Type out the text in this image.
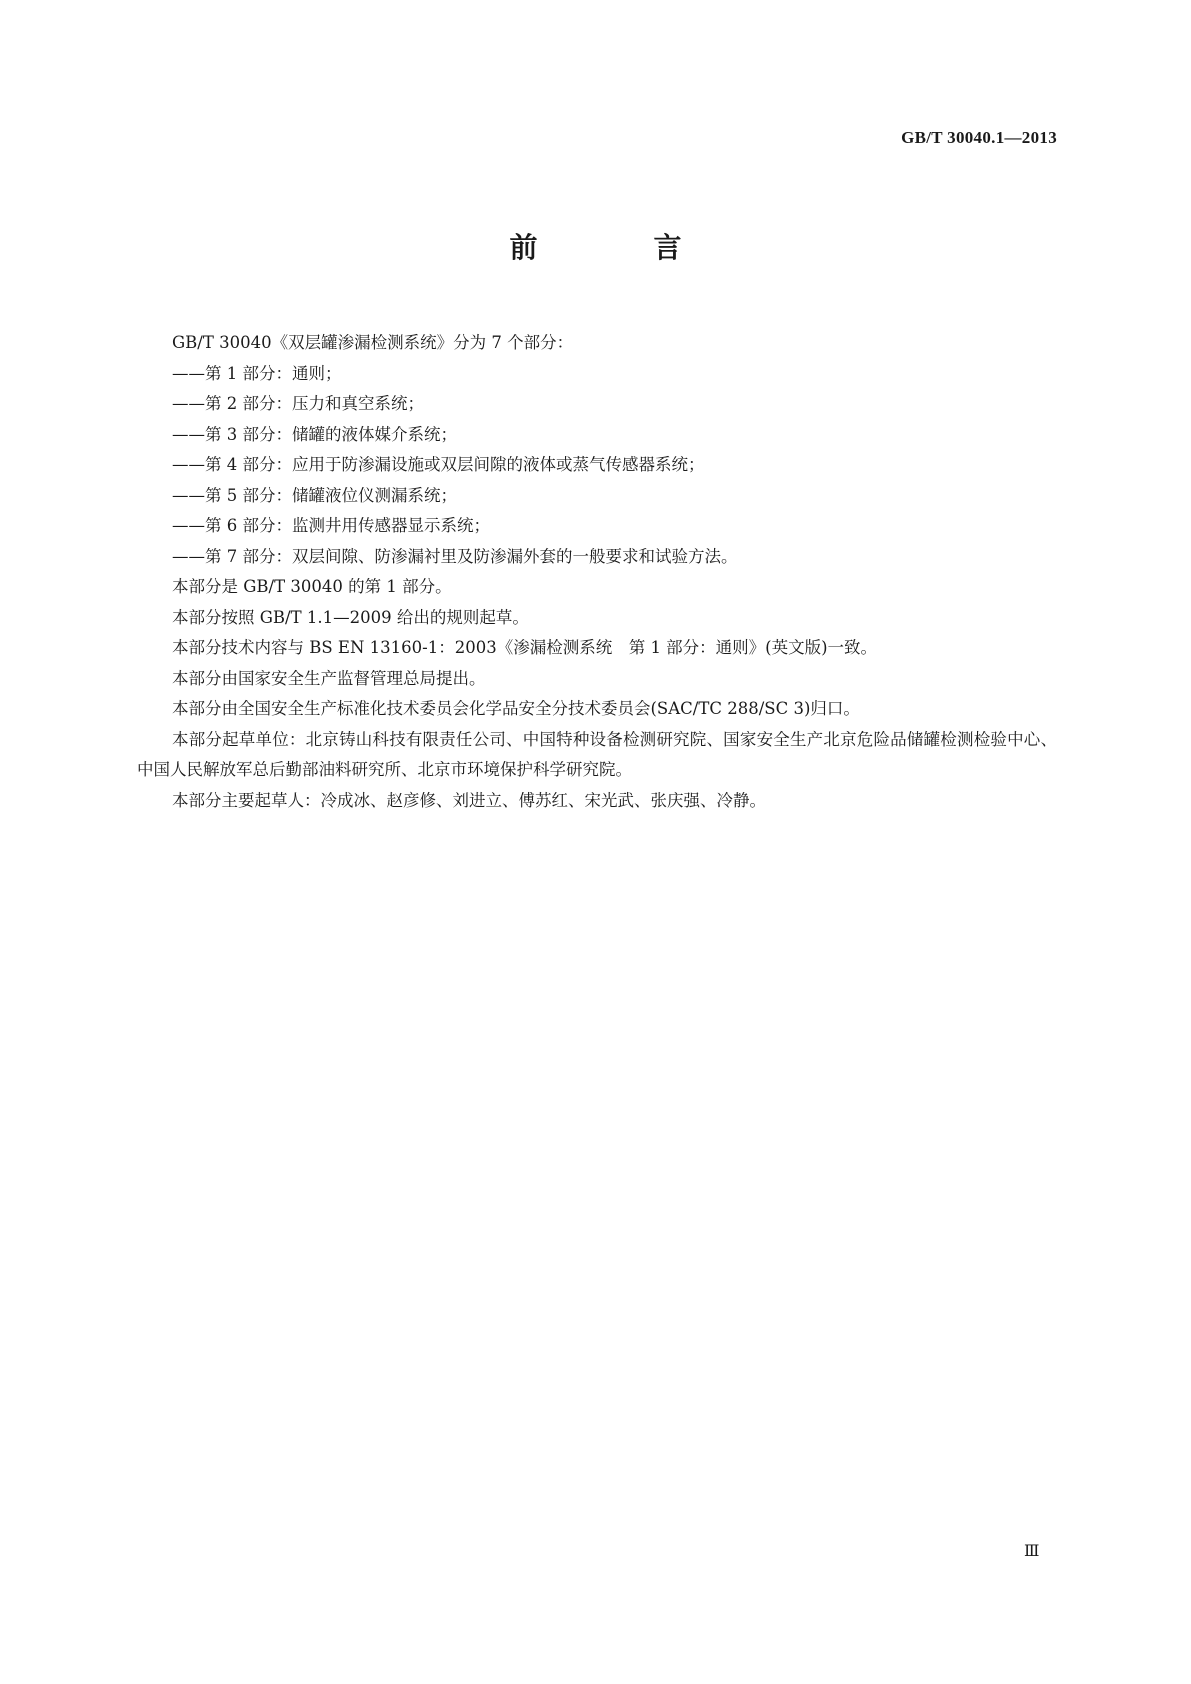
GB/T 30040.1—2013
前　言

GB/T 30040《双层罐渗漏检测系统》分为 7 个部分：

——第 1 部分：通则；

——第 2 部分：压力和真空系统；

——第 3 部分：储罐的液体媒介系统；

——第 4 部分：应用于防渗漏设施或双层间隙的液体或蒸气传感器系统；

——第 5 部分：储罐液位仪测漏系统；

——第 6 部分：监测井用传感器显示系统；

——第 7 部分：双层间隙、防渗漏衬里及防渗漏外套的一般要求和试验方法。

本部分是 GB/T 30040 的第 1 部分。

本部分按照 GB/T 1.1—2009 给出的规则起草。

本部分技术内容与 BS EN 13160-1：2003《渗漏检测系统　第 1 部分：通则》(英文版)一致。

本部分由国家安全生产监督管理总局提出。

本部分由全国安全生产标准化技术委员会化学品安全分技术委员会(SAC/TC 288/SC 3)归口。

本部分起草单位：北京铸山科技有限责任公司、中国特种设备检测研究院、国家安全生产北京危险品储罐检测检验中心、中国人民解放军总后勤部油料研究所、北京市环境保护科学研究院。

本部分主要起草人：冷成冰、赵彦修、刘进立、傅苏红、宋光武、张庆强、冷静。

Ⅲ
